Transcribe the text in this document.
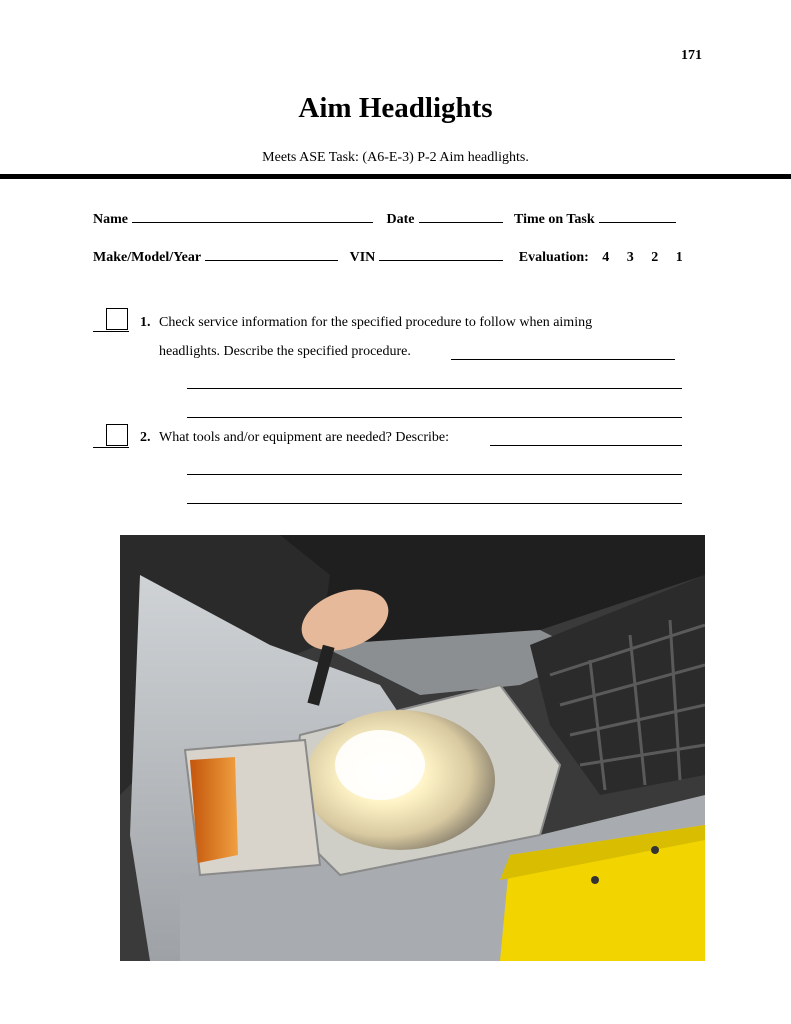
171
Aim Headlights
Meets ASE Task: (A6-E-3) P-2 Aim headlights.
Name	Date	Time on Task
Make/Model/Year	VIN	Evaluation: 4 3 2 1
1. Check service information for the specified procedure to follow when aiming
headlights. Describe the specified procedure.
2. What tools and/or equipment are needed? Describe:
